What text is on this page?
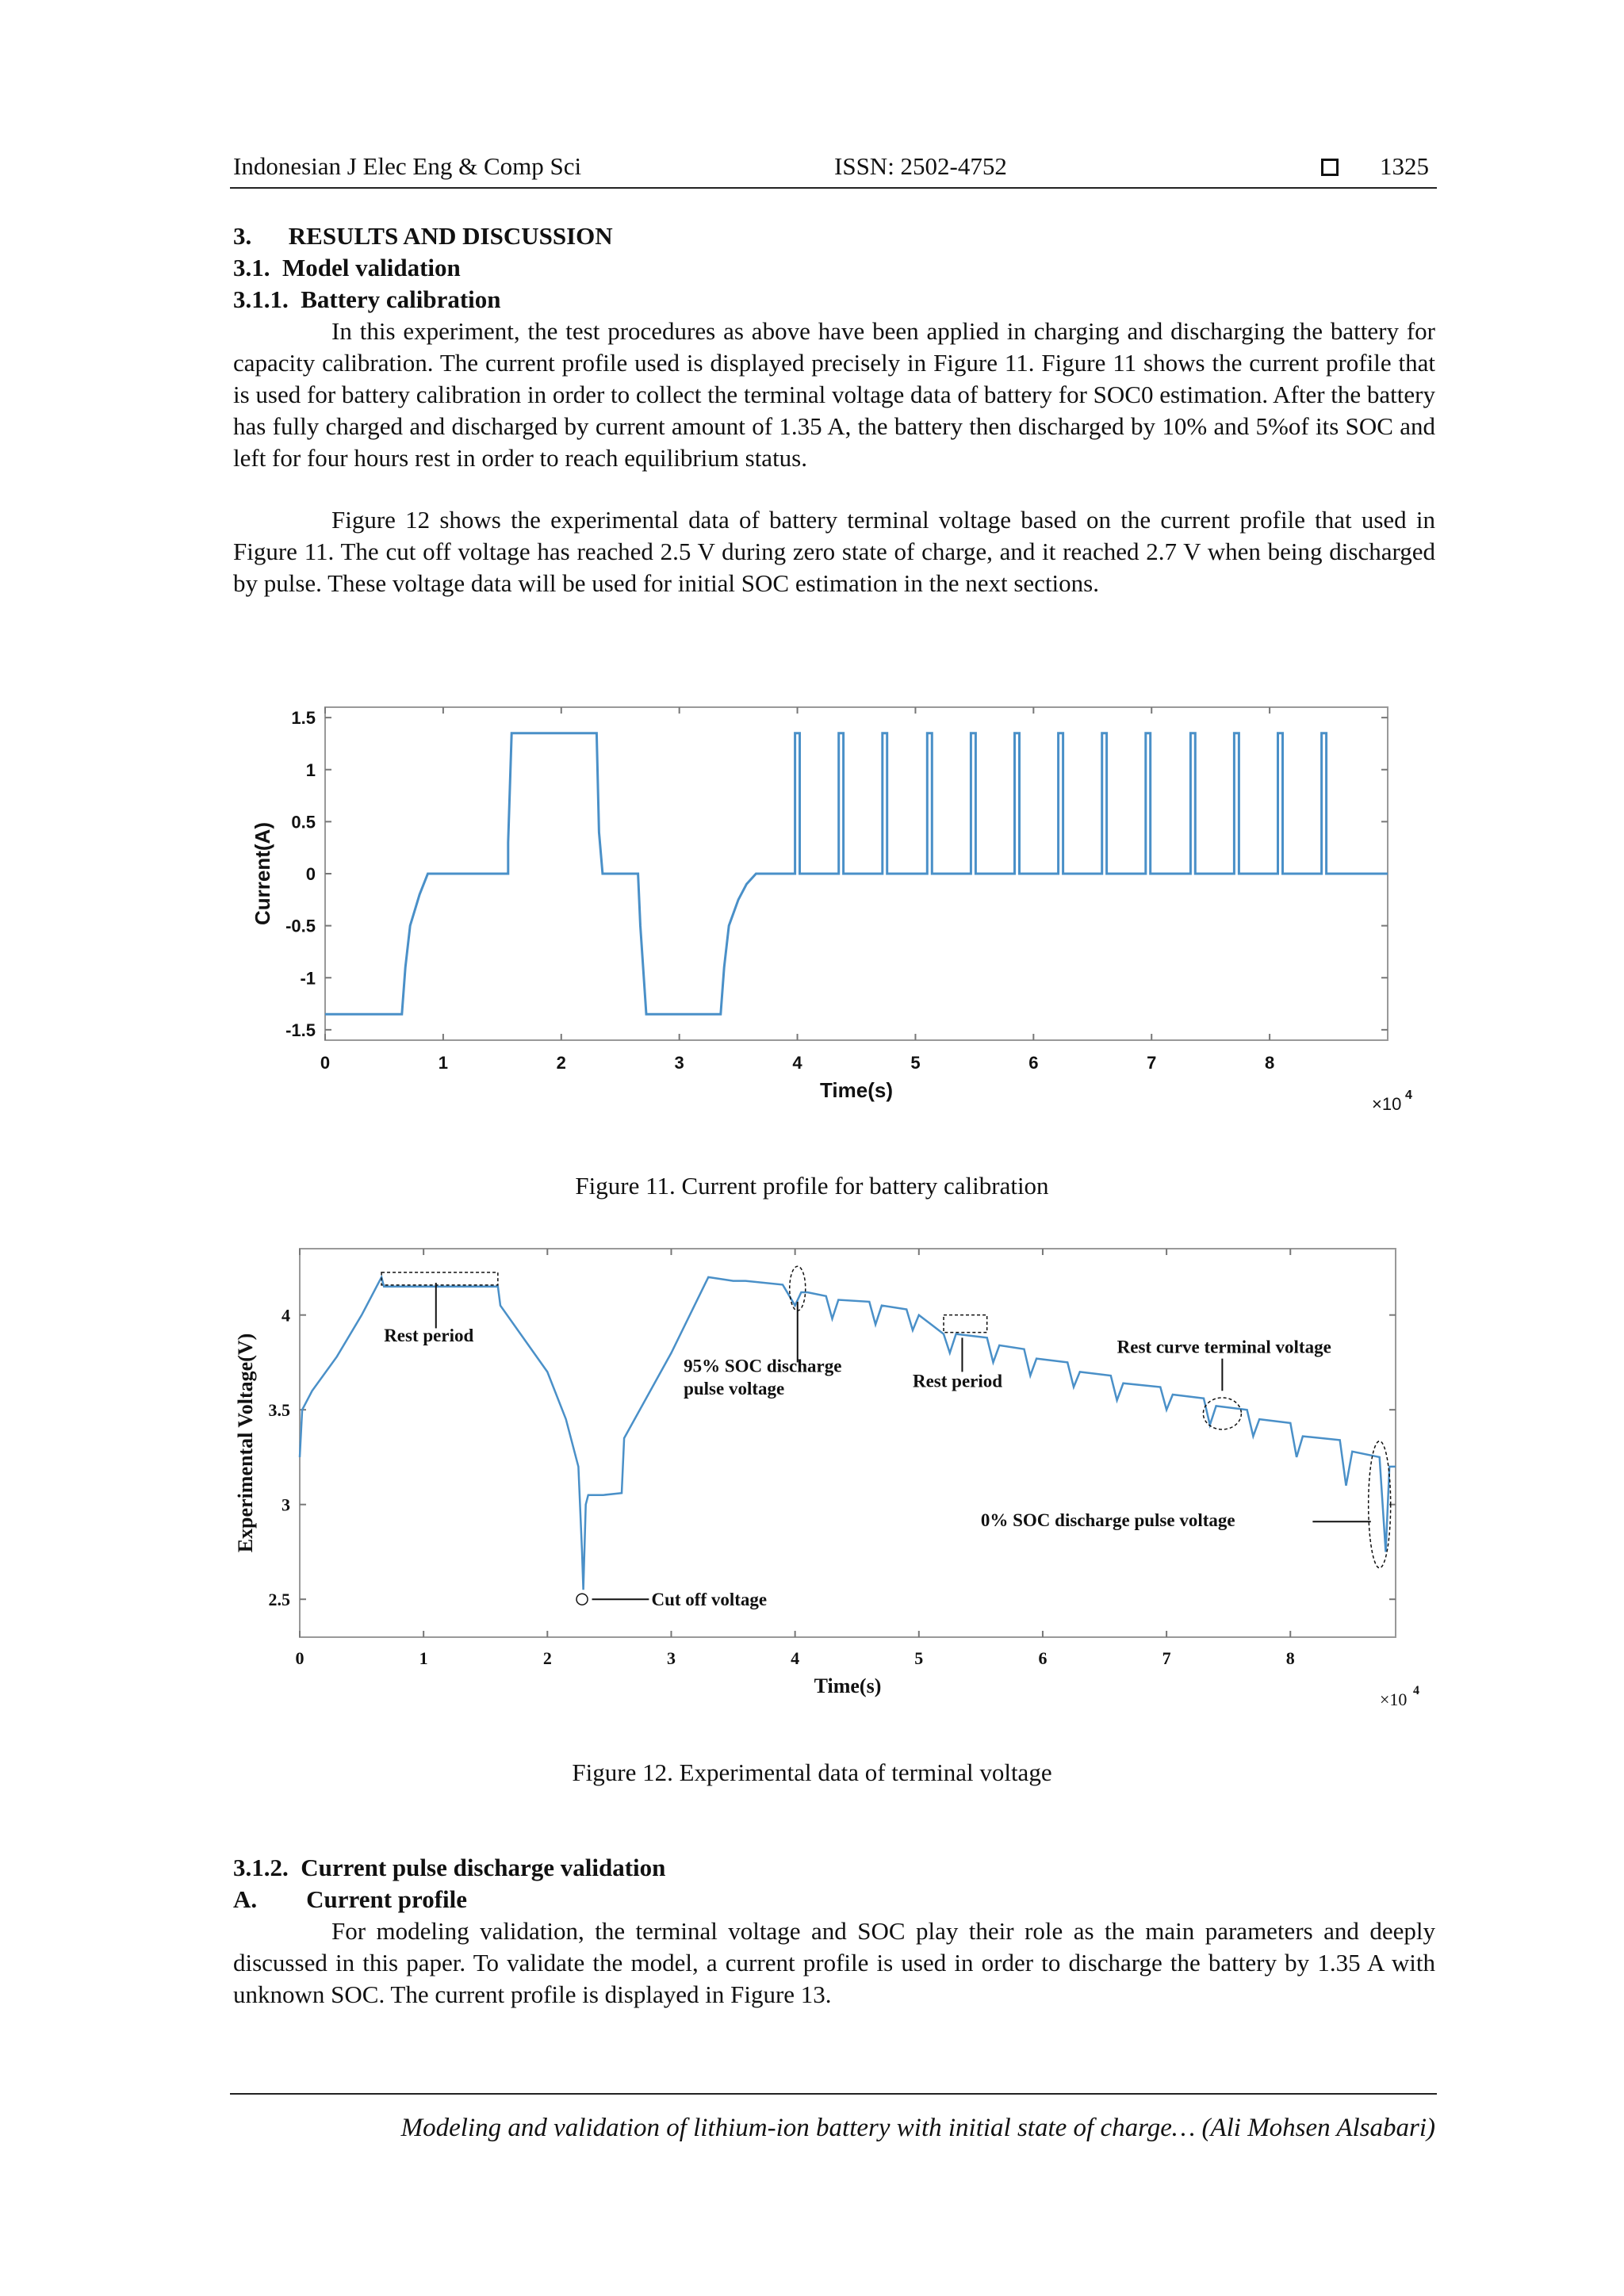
Indonesian J Elec Eng & Comp Sci	ISSN: 2502-4752	1325
3.      RESULTS AND DISCUSSION
3.1.  Model validation
3.1.1.  Battery calibration

In this experiment, the test procedures as above have been applied in charging and discharging the battery for capacity calibration. The current profile used is displayed precisely in Figure 11. Figure 11 shows the current profile that is used for battery calibration in order to collect the terminal voltage data of battery for SOC0 estimation. After the battery has fully charged and discharged by current amount of 1.35 A, the battery then discharged by 10% and 5%of its SOC and left for four hours rest in order to reach equilibrium status.

Figure 12 shows the experimental data of battery terminal voltage based on the current profile that used in Figure 11. The cut off voltage has reached 2.5 V during zero state of charge, and it reached 2.7 V when being discharged by pulse. These voltage data will be used for initial SOC estimation in the next sections.

0	1	2	3	4	5	6	7	8
1.5
1
0.5
0
-0.5
-1
-1.5
Time(s)
Current(A)
×10 4
Figure 11. Current profile for battery calibration
0	1	2	3	4	5	6	7	8
4
3.5
3
2.5
Time(s)
Experimental Voltage(V)
×10 4
Rest period
95% SOC discharge
pulse voltage	Rest period
Rest curve terminal voltage
0% SOC discharge pulse voltage
Cut off voltage
Figure 12. Experimental data of terminal voltage
3.1.2.  Current pulse discharge validation
A.        Current profile

For modeling validation, the terminal voltage and SOC play their role as the main parameters and deeply discussed in this paper. To validate the model, a current profile is used in order to discharge the battery by 1.35 A with unknown SOC. The current profile is displayed in Figure 13.

Modeling and validation of lithium-ion battery with initial state of charge… (Ali Mohsen Alsabari)
